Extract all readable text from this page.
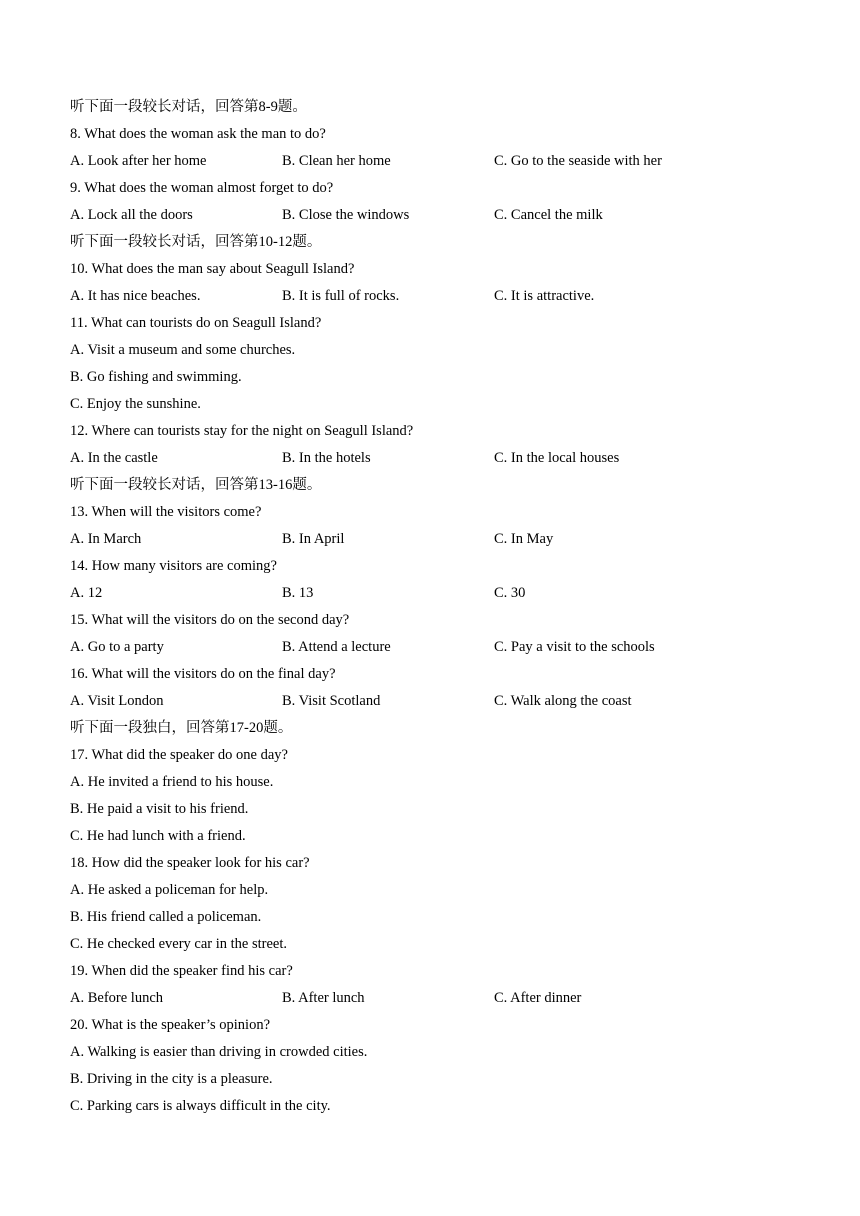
听下面一段较长对话，回答第8-9题。
8. What does the woman ask the man to do?
A. Look after her home	B. Clean her home	C. Go to the seaside with her
9. What does the woman almost forget to do?
A. Lock all the doors	B. Close the windows	C. Cancel the milk
听下面一段较长对话，回答第10-12题。
10. What does the man say about Seagull Island?
A. It has nice beaches.	B. It is full of rocks.	C. It is attractive.
11. What can tourists do on Seagull Island?
A. Visit a museum and some churches.
B. Go fishing and swimming.
C. Enjoy the sunshine.
12. Where can tourists stay for the night on Seagull Island?
A. In the castle	B. In the hotels	C. In the local houses
听下面一段较长对话，回答第13-16题。
13. When will the visitors come?
A. In March	B. In April	C. In May
14. How many visitors are coming?
A. 12	B. 13	C. 30
15. What will the visitors do on the second day?
A. Go to a party	B. Attend a lecture	C. Pay a visit to the schools
16. What will the visitors do on the final day?
A. Visit London	B. Visit Scotland	C. Walk along the coast
听下面一段独白，回答第17-20题。
17. What did the speaker do one day?
A. He invited a friend to his house.
B. He paid a visit to his friend.
C. He had lunch with a friend.
18. How did the speaker look for his car?
A. He asked a policeman for help.
B. His friend called a policeman.
C. He checked every car in the street.
19. When did the speaker find his car?
A. Before lunch	B. After lunch	C. After dinner
20. What is the speaker’s opinion?
A. Walking is easier than driving in crowded cities.
B. Driving in the city is a pleasure.
C. Parking cars is always difficult in the city.
